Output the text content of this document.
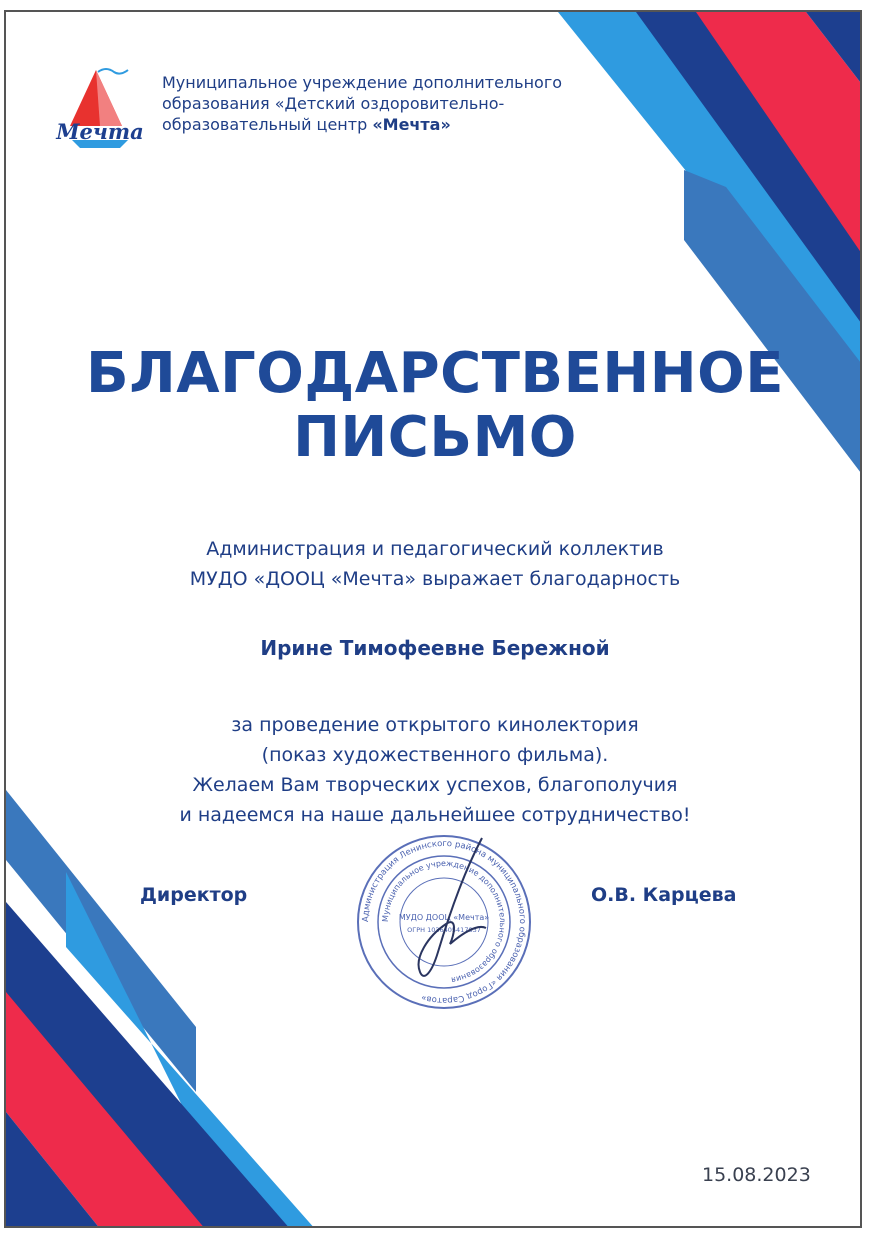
Мечта
Муниципальное учреждение дополнительного
образования «Детский оздоровительно-
образовательный центр «Мечта»
БЛАГОДАРСТВЕННОЕ
ПИСЬМО
Администрация и педагогический коллектив
МУДО «ДООЦ «Мечта» выражает благодарность
Ирине Тимофеевне Бережной
за проведение открытого кинолектория
(показ художественного фильма).
Желаем Вам творческих успехов, благополучия
и надеемся на наше дальнейшее сотрудничество!
Директор
Администрация Ленинского района муниципального образования «Город Саратов»
Муниципальное учреждение дополнительного образования
МУДО ДООЦ «Мечта»
ОГРН 1036405417837
О.В. Карцева
15.08.2023
